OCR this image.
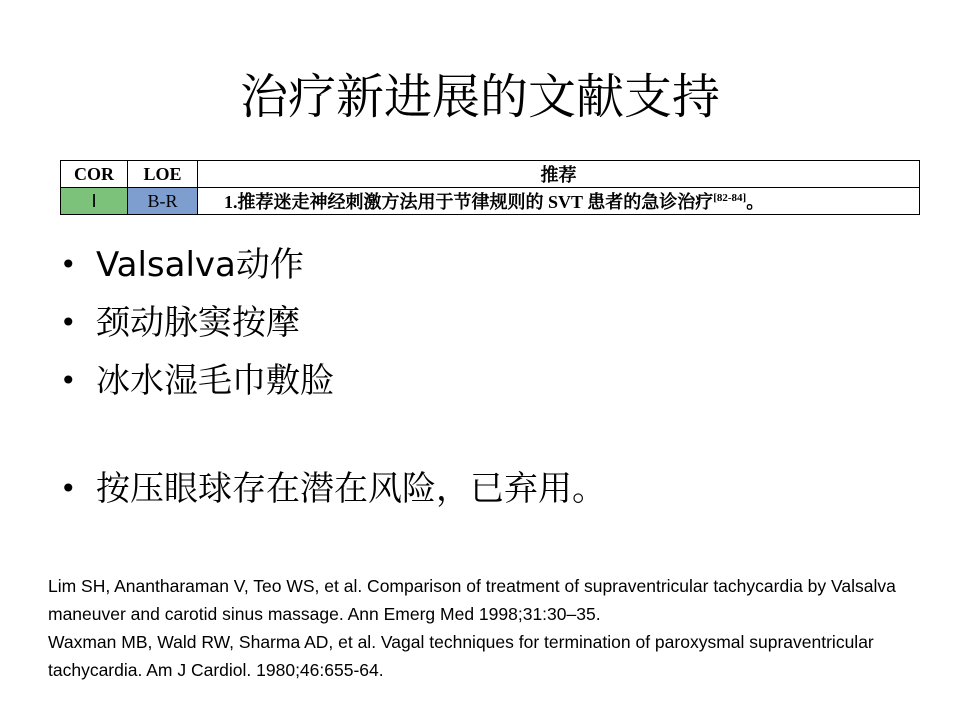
治疗新进展的文献支持
COR	LOE	推荐
Ⅰ	B-R	1.推荐迷走神经刺激方法用于节律规则的 SVT 患者的急诊治疗[82-84]。
• Valsalva动作
• 颈动脉窦按摩
• 冰水湿毛巾敷脸
• 按压眼球存在潜在风险，已弃用。
Lim SH, Anantharaman V, Teo WS, et al. Comparison of treatment of supraventricular tachycardia by Valsalva maneuver and carotid sinus massage. Ann Emerg Med 1998;31:30–35.
Waxman MB, Wald RW, Sharma AD, et al. Vagal techniques for termination of paroxysmal supraventricular tachycardia. Am J Cardiol. 1980;46:655-64.
